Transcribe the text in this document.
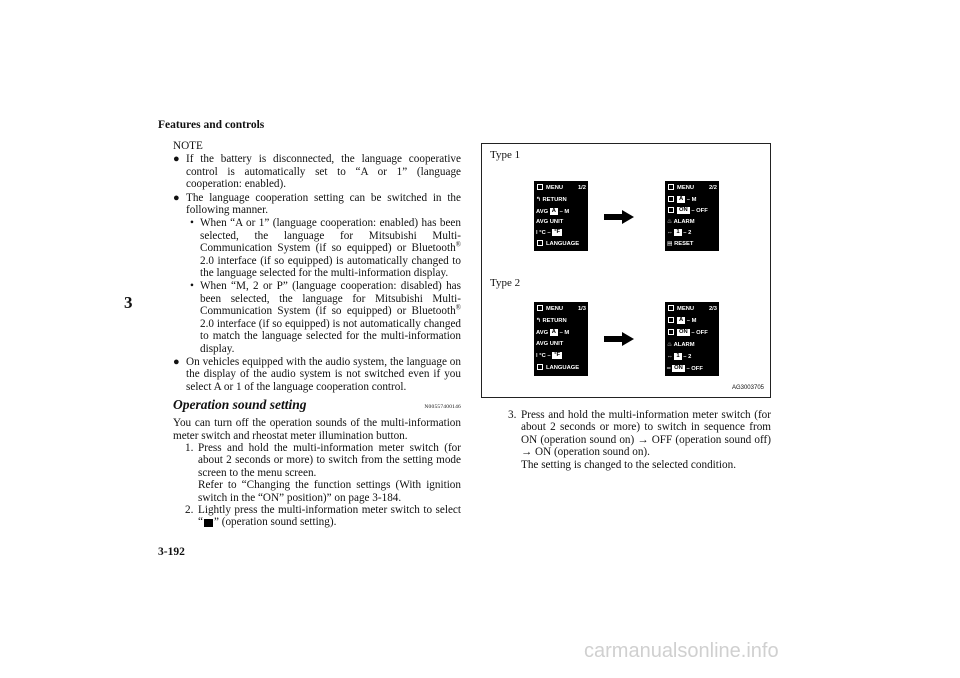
Features and controls
3-192
3
NOTE
● If the battery is disconnected, the language cooperative control is automatically set to “A or 1” (language cooperation: enabled).
● The language cooperation setting can be switched in the following manner.
• When “A or 1” (language cooperation: enabled) has been selected, the language for Mitsubishi Multi-Communication System (if so equipped) or Bluetooth® 2.0 interface (if so equipped) is automatically changed to the language selected for the multi-information display.
• When “M, 2 or P” (language cooperation: disabled) has been selected, the language for Mitsubishi Multi-Communication System (if so equipped) or Bluetooth® 2.0 interface (if so equipped) is not automatically changed to match the language selected for the multi-information display.
● On vehicles equipped with the audio system, the language on the display of the audio system is not switched even if you select A or 1 of the language cooperation control.
Operation sound setting	N00557400146
You can turn off the operation sounds of the multi-information meter switch and rheostat meter illumination button.
1. Press and hold the multi-information meter switch (for about 2 seconds or more) to switch from the setting mode screen to the menu screen.
Refer to “Changing the function settings (With ignition switch in the “ON” position)” on page 3-184.
2. Lightly press the multi-information meter switch to select “ ” (operation sound setting).
Type 1
Type 2
MENU	1/2
↰ RETURN
AVG A – M
AVG UNIT
ǀ °C – °F
LANGUAGE
MENU	2/2
A – M
ON – OFF
♨ ALARM
⇔ 1 – 2
▤ RESET
MENU	1/3
↰ RETURN
AVG A – M
AVG UNIT
ǀ °C – °F
LANGUAGE
MENU	2/3
A – M
ON – OFF
♨ ALARM
⇔ 1 – 2
━ ON – OFF
AG3003705
3. Press and hold the multi-information meter switch (for about 2 seconds or more) to switch in sequence from ON (operation sound on) → OFF (operation sound off) → ON (operation sound on).
The setting is changed to the selected condition.
carmanualsonline.info
